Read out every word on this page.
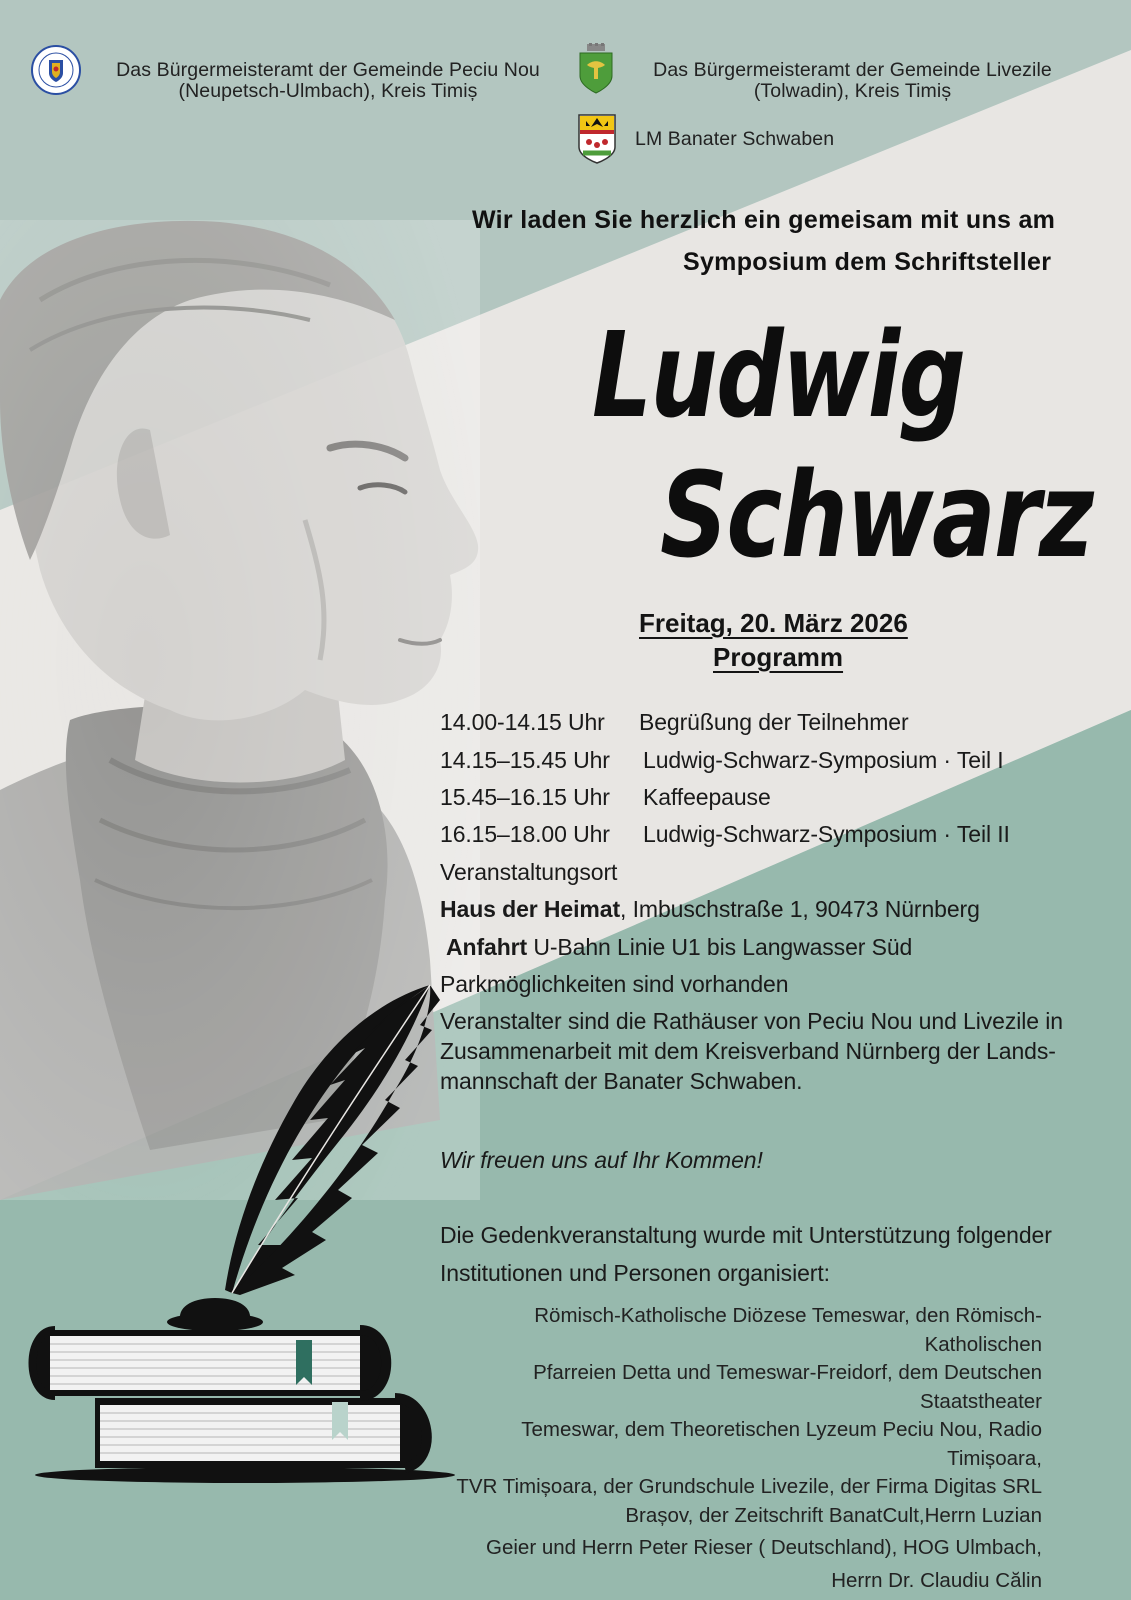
Das Bürgermeisteramt der Gemeinde Peciu Nou
(Neupetsch-Ulmbach), Kreis Timiș
Das Bürgermeisteramt der Gemeinde Livezile
(Tolwadin), Kreis Timiș
LM Banater Schwaben
Wir laden Sie herzlich ein gemeisam mit uns am
Symposium dem Schriftsteller
Ludwig
Schwarz
Freitag, 20. März 2026
Programm
14.00-14.15 Uhr Begrüßung der Teilnehmer
14.15–15.45 Uhr Ludwig-Schwarz-Symposium · Teil I
15.45–16.15 Uhr Kaffeepause
16.15–18.00 Uhr Ludwig-Schwarz-Symposium · Teil II
Veranstaltungsort
Haus der Heimat, Imbuschstraße 1, 90473 Nürnberg
Anfahrt U-Bahn Linie U1 bis Langwasser Süd
Parkmöglichkeiten sind vorhanden
Veranstalter sind die Rathäuser von Peciu Nou und Livezile in
Zusammenarbeit mit dem Kreisverband Nürnberg der Lands-
mannschaft der Banater Schwaben.
Wir freuen uns auf Ihr Kommen!
Die Gedenkveranstaltung wurde mit Unterstützung folgender
Institutionen und Personen organisiert:
Römisch-Katholische Diözese Temeswar, den Römisch-Katholischen
Pfarreien Detta und Temeswar-Freidorf, dem Deutschen Staatstheater
Temeswar, dem Theoretischen Lyzeum Peciu Nou, Radio Timișoara,
TVR Timișoara, der Grundschule Livezile, der Firma Digitas SRL
Brașov, der Zeitschrift BanatCult,Herrn Luzian
Geier und Herrn Peter Rieser ( Deutschland), HOG Ulmbach,
Herrn Dr. Claudiu Călin
